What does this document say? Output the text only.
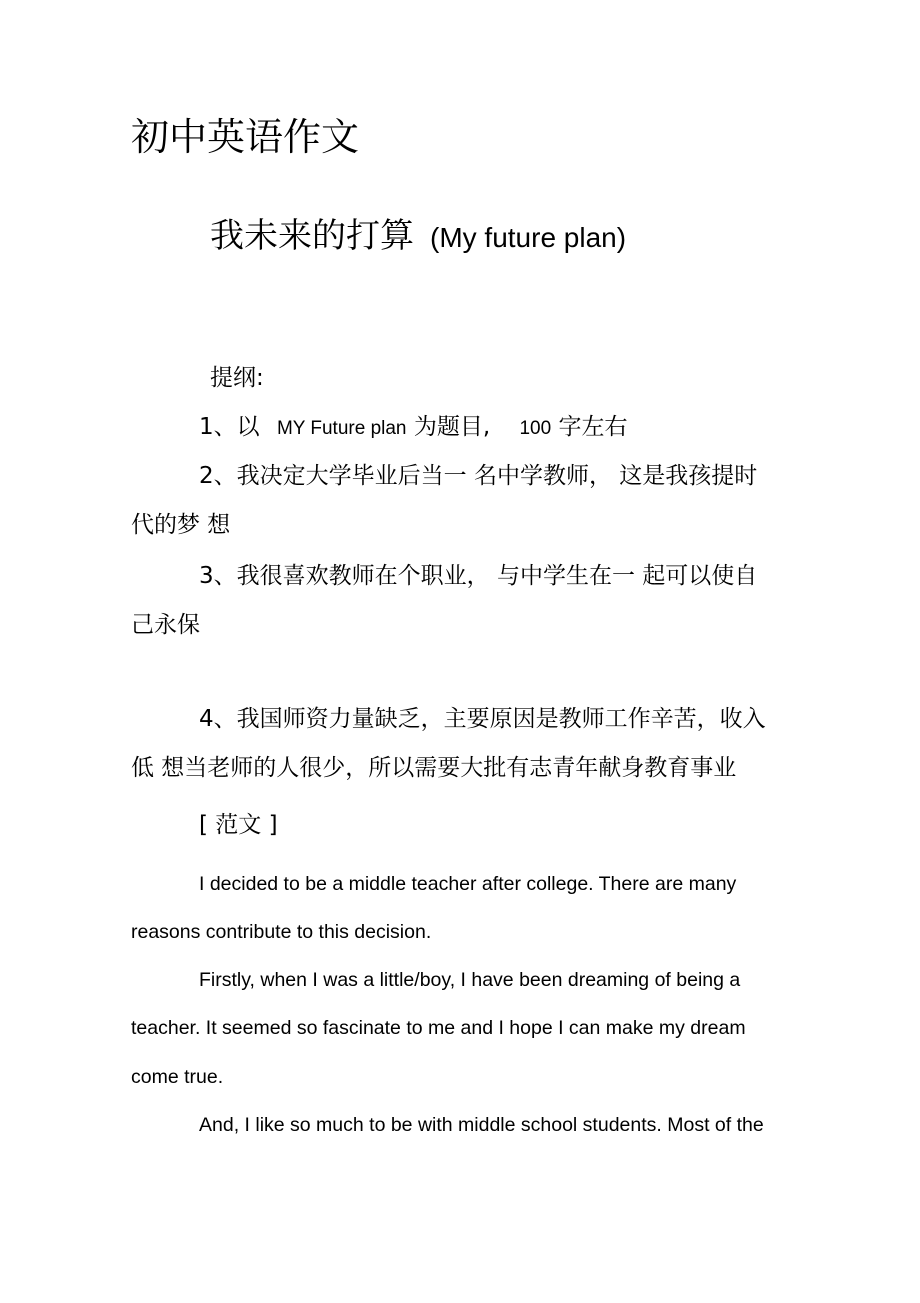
初中英语作文
我未来的打算 (My future plan)
提纲:
1、以 MY Future plan 为题目, 100 字左右
2、我决定大学毕业后当一 名中学教师， 这是我孩提时
代的梦 想
3、我很喜欢教师在个职业， 与中学生在一 起可以使自
己永保
4、我国师资力量缺乏，主要原因是教师工作辛苦，收入
低 想当老师的人很少，所以需要大批有志青年献身教育事业
[ 范文 ]
I decided to be a middle teacher after college. There are many
reasons contribute to this decision.
Firstly, when I was a little/boy, I have been dreaming of being a
teacher. It seemed so fascinate to me and I hope I can make my dream
come true.
And, I like so much to be with middle school students. Most of the
